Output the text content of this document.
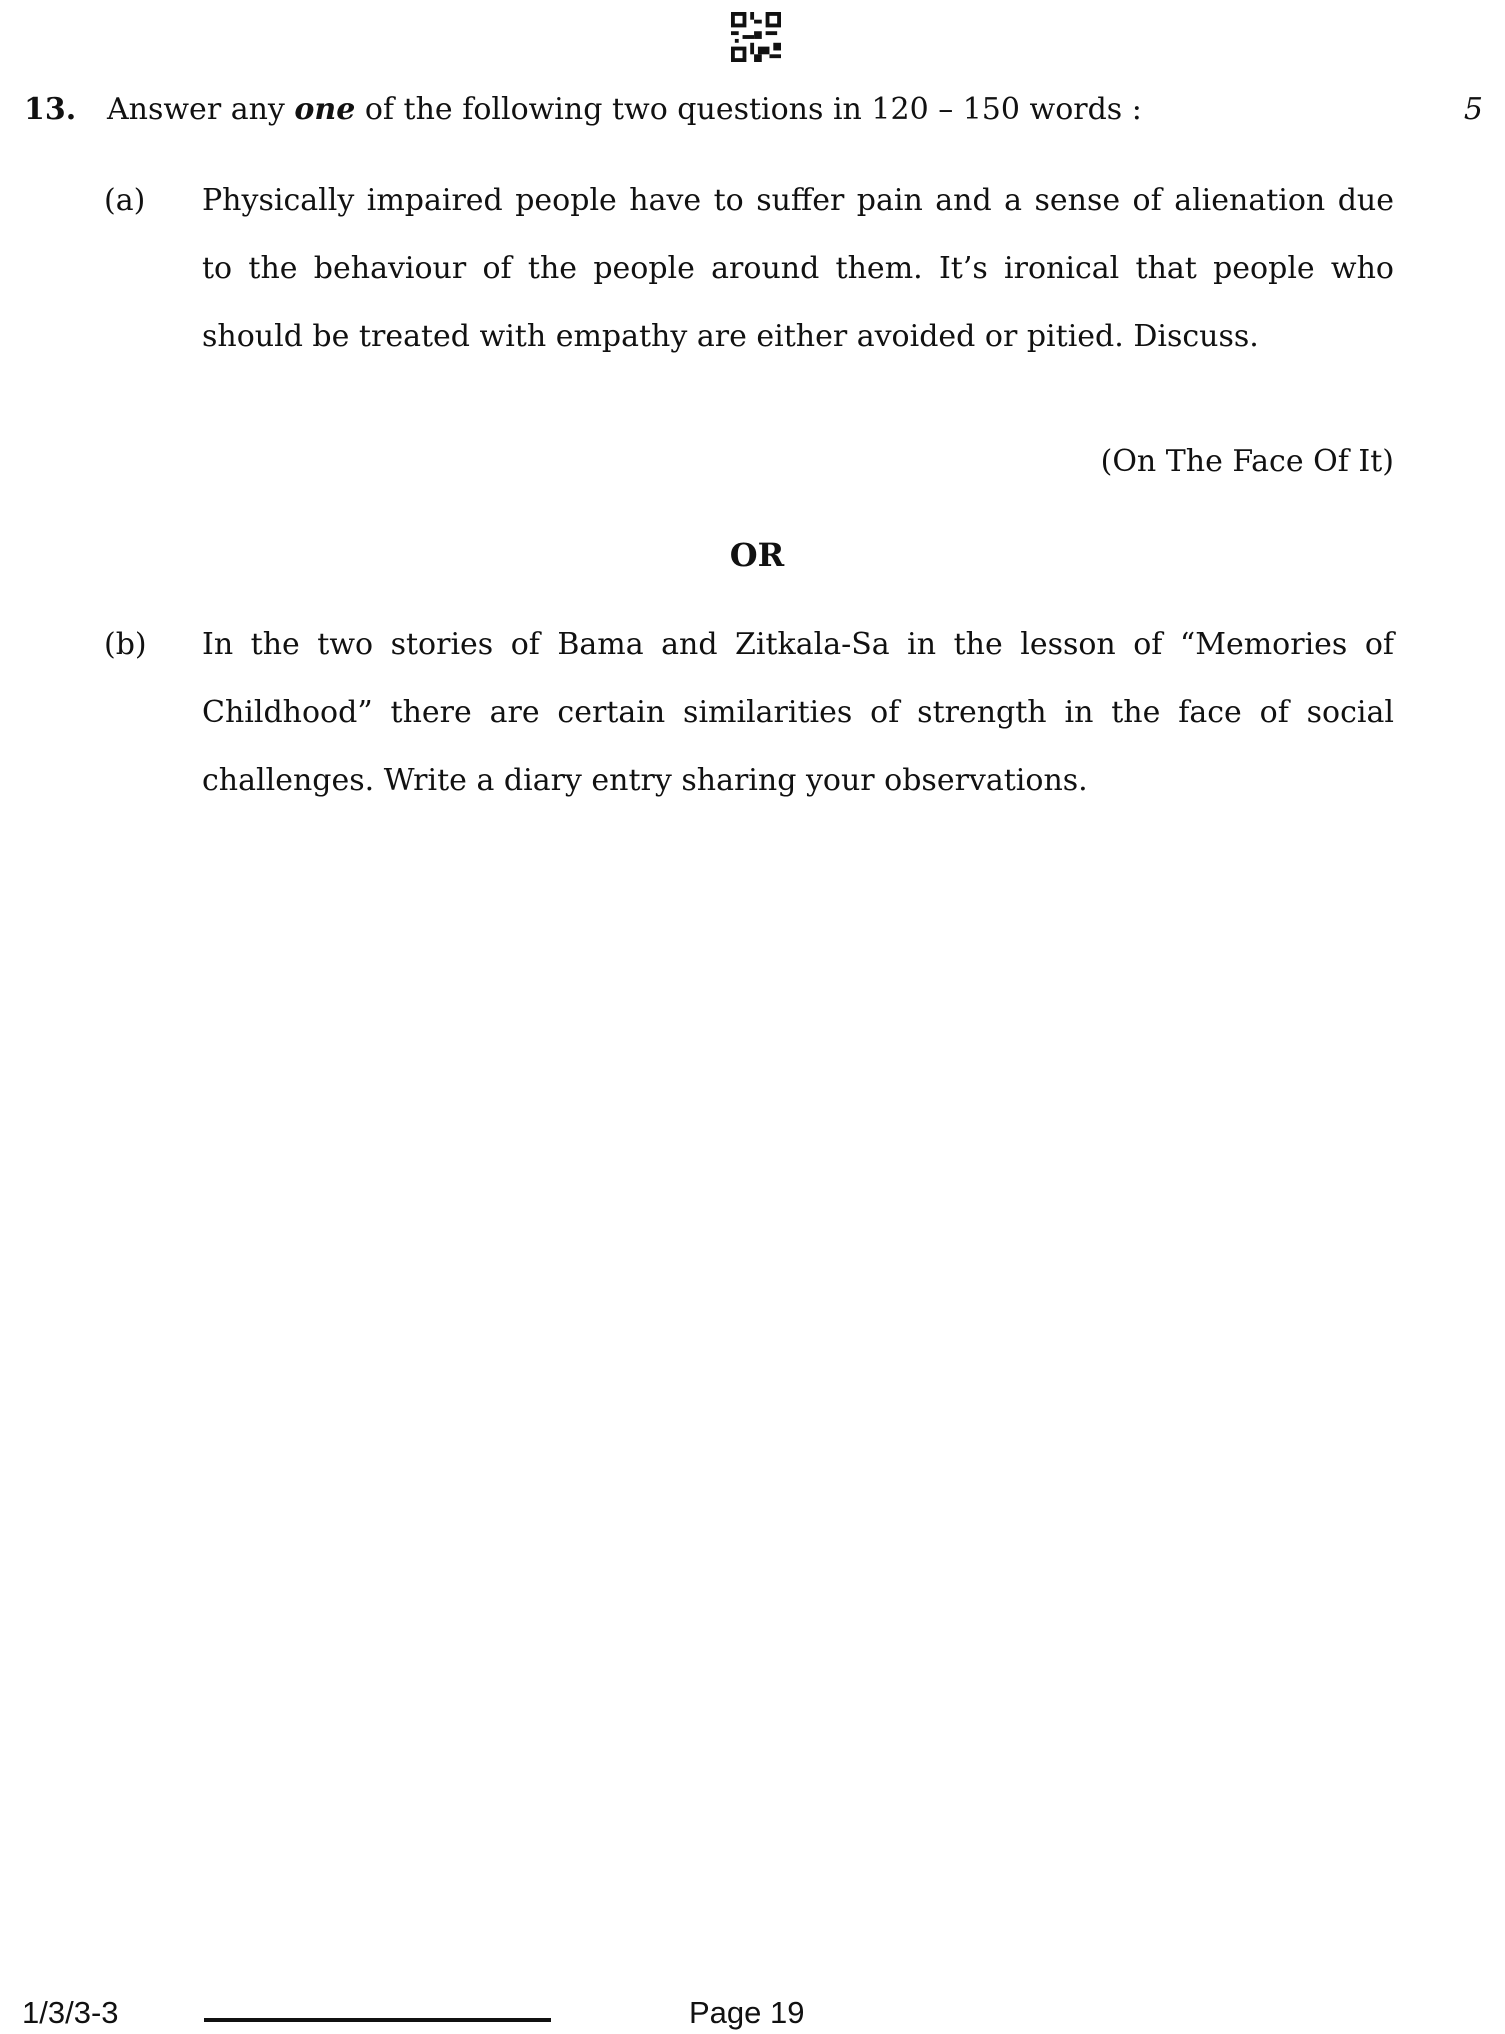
13. Answer any one of the following two questions in 120 – 150 words :	5
(a) Physically impaired people have to suffer pain and a sense of alienation due to the behaviour of the people around them. It’s ironical that people who should be treated with empathy are either avoided or pitied. Discuss.
(On The Face Of It)
OR
(b) In the two stories of Bama and Zitkala-Sa in the lesson of “Memories of Childhood” there are certain similarities of strength in the face of social challenges. Write a diary entry sharing your observations.
1/3/3-3	Page 19
